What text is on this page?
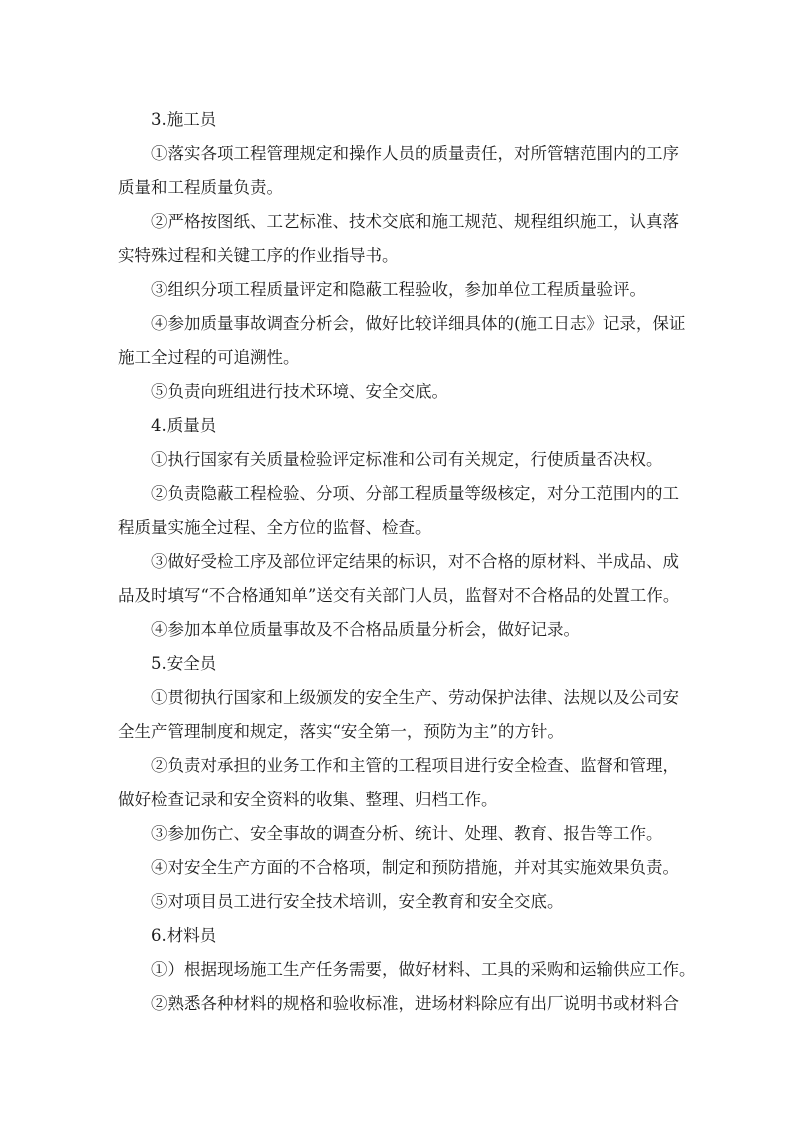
3.施工员
①落实各项工程管理规定和操作人员的质量责任，对所管辖范围内的工序
质量和工程质量负责。
②严格按图纸、工艺标准、技术交底和施工规范、规程组织施工，认真落
实特殊过程和关键工序的作业指导书。
③组织分项工程质量评定和隐蔽工程验收，参加单位工程质量验评。
④参加质量事故调查分析会，做好比较详细具体的(施工日志》记录，保证
施工全过程的可追溯性。
⑤负责向班组进行技术环境、安全交底。
4.质量员
①执行国家有关质量检验评定标准和公司有关规定，行使质量否决权。
②负责隐蔽工程检验、分项、分部工程质量等级核定，对分工范围内的工
程质量实施全过程、全方位的监督、检查。
③做好受检工序及部位评定结果的标识，对不合格的原材料、半成品、成
品及时填写“不合格通知单”送交有关部门人员，监督对不合格品的处置工作。
④参加本单位质量事故及不合格品质量分析会，做好记录。
5.安全员
①贯彻执行国家和上级颁发的安全生产、劳动保护法律、法规以及公司安
全生产管理制度和规定，落实“安全第一，预防为主”的方针。
②负责对承担的业务工作和主管的工程项目进行安全检查、监督和管理，
做好检查记录和安全资料的收集、整理、归档工作。
③参加伤亡、安全事故的调查分析、统计、处理、教育、报告等工作。
④对安全生产方面的不合格项，制定和预防措施，并对其实施效果负责。
⑤对项目员工进行安全技术培训，安全教育和安全交底。
6.材料员
①）根据现场施工生产任务需要，做好材料、工具的采购和运输供应工作。
②熟悉各种材料的规格和验收标准，进场材料除应有出厂说明书或材料合
